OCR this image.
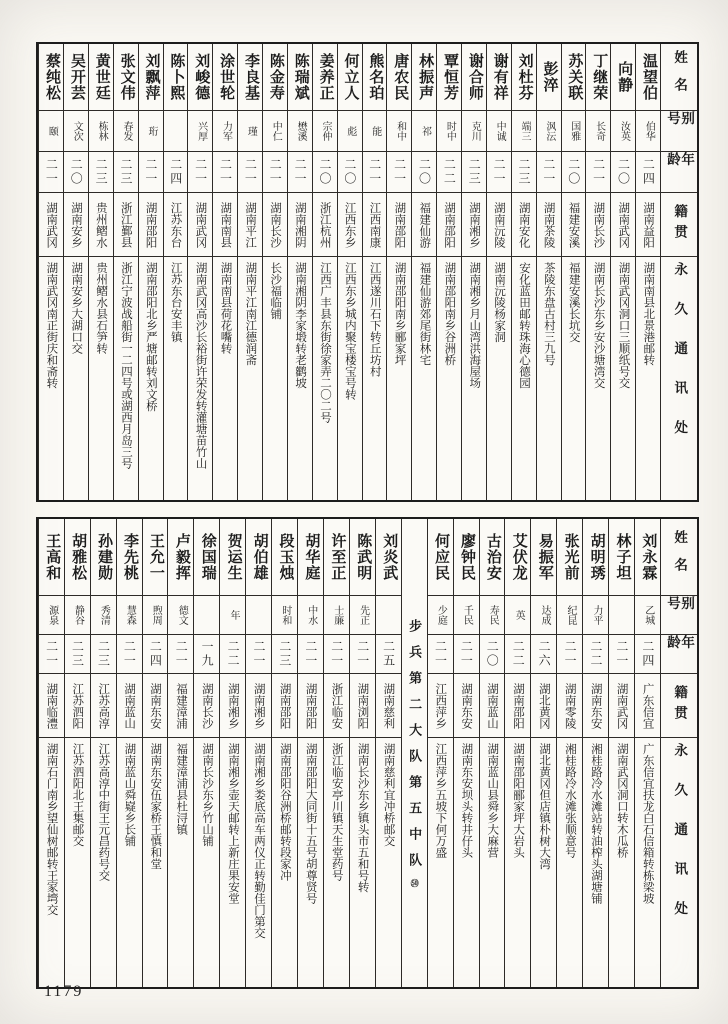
姓名
别号
年龄
籍贯
永久通讯处
温望伯
伯华
二四
湖南益阳
湖南南县北景港邮转
向静
汝英
二〇
湖南武冈
湖南武冈洞口三顺纸号交
丁继荣
长奇
二一
湖南长沙
湖南长沙东乡安沙塘湾交
苏关联
国雅
二〇
福建安溪
福建安溪长坑交
彭淬
沨沄
二一
湖南茶陵
茶陵东盘古村三九号
刘杜芬
端三
二三
湖南安化
安化蓝田邮转珠海心德园
谢有祥
中诚
二一
湖南沅陵
湖南沅陵杨家洞
谢合师
克川
二三
湖南湘乡
湖南湘乡月山湾洪海屋场
覃恒芳
时中
二二
湖南邵阳
湖南邵阳南乡谷洲桥
林振声
祁
二〇
福建仙游
福建仙游郊尾街林宅
唐农民
和中
二一
湖南邵阳
湖南邵阳南乡郦家坪
熊名珀
能
二一
江西南康
江西遂川石下转丘坊村
何立人
彪
二〇
江西东乡
江西东乡城内聚宝楼宝号转
姜养正
宗仲
二〇
浙江杭州
江西广丰县东街徐家弄二〇二号
陈瑞斌
懋溪
二一
湖南湘阴
湖南湘阴李家塅转老鹳坡
陈金寿
中仁
二一
湖南长沙
长沙福临铺
李良基
瑾
二一
湖南平江
湖南平江南江德润斋
涂世轮
力军
二一
湖南南县
湖南南县荷花嘴转
刘峻德
兴厚
二一
湖南武冈
湖南武冈高沙长裕街许荣发转灌塘苗竹山
陈卜熙
二四
江苏东台
江苏东台安丰镇
刘飘萍
珩
二一
湖南邵阳
湖南邵阳北乡严塘邮转刘文桥
张文伟
春发
二三
浙江鄞县
浙江宁波战船街一二四号或湖西月岛三号
黄世廷
栋林
二三
贵州鳛水
贵州鳛水县石笋转
吴开芸
文次
二〇
湖南安乡
湖南安乡大湖口交
蔡纯松
颐
二一
湖南武冈
湖南武冈南正街庆和斋转
姓名
别号
年龄
籍贯
永久通讯处
刘永霖
乙城
二四
广东信宜
广东信宜扶龙白石信箱转栋梁坡
林子坦
二一
湖南武冈
湖南武冈洞口转木瓜桥
胡明琇
力平
二二
湖南东安
湘桂路冷水滩站转油榨头湖塘铺
张光前
纪昆
二一
湖南零陵
湘桂路冷水滩张顺意号
易振军
达成
二六
湖北黄冈
湖北黄冈但店镇朴树大湾
艾伏龙
英
二二
湖南邵阳
湖南邵阳郦家坪大岩头
古治安
寿民
二〇
湖南蓝山
湖南蓝山县舜乡大麻营
廖钟民
千民
二一
湖南东安
湖南东安坝头转井仔头
何应民
少庭
二一
江西萍乡
江西萍乡五坡下何万盛
步兵第二大队第五中队㊿
刘炎武
二五
湖南慈利
湖南慈利宜冲桥邮交
陈武明
先正
二一
湖南浏阳
湖南长沙东乡镇头市五和号转
许至正
士廉
二一
浙江临安
浙江临安亭川镇天生堂药号
胡华庭
中水
二一
湖南邵阳
湖南邵阳大同街十五号胡尊贤号
段玉烛
时和
二三
湖南邵阳
湖南邵阳谷洲桥邮转段家冲
胡伯雄
二一
湖南湘乡
湖南湘乡娄底高车两仪正转勤佳门第交
贺运生
年
二二
湖南湘乡
湖南湘乡壶天邮转上新庄果安堂
徐国瑞
一九
湖南长沙
湖南长沙东乡竹山铺
卢毅挥
德文
二一
福建漳浦
福建漳浦县杜浔镇
王允一
煦周
二四
湖南东安
湖南东安伍家桥王慎和堂
李先桃
慧森
二一
湖南蓝山
湖南蓝山舜嶷乡长铺
孙建勋
秀清
二三
江苏高淳
江苏高淳中街王元昌药号交
胡雅松
静谷
二三
江苏泗阳
江苏泗阳北王集邮交
王高和
源泉
二一
湖南临澧
湖南石门南乡望仙树邮转王家塆交
1179
